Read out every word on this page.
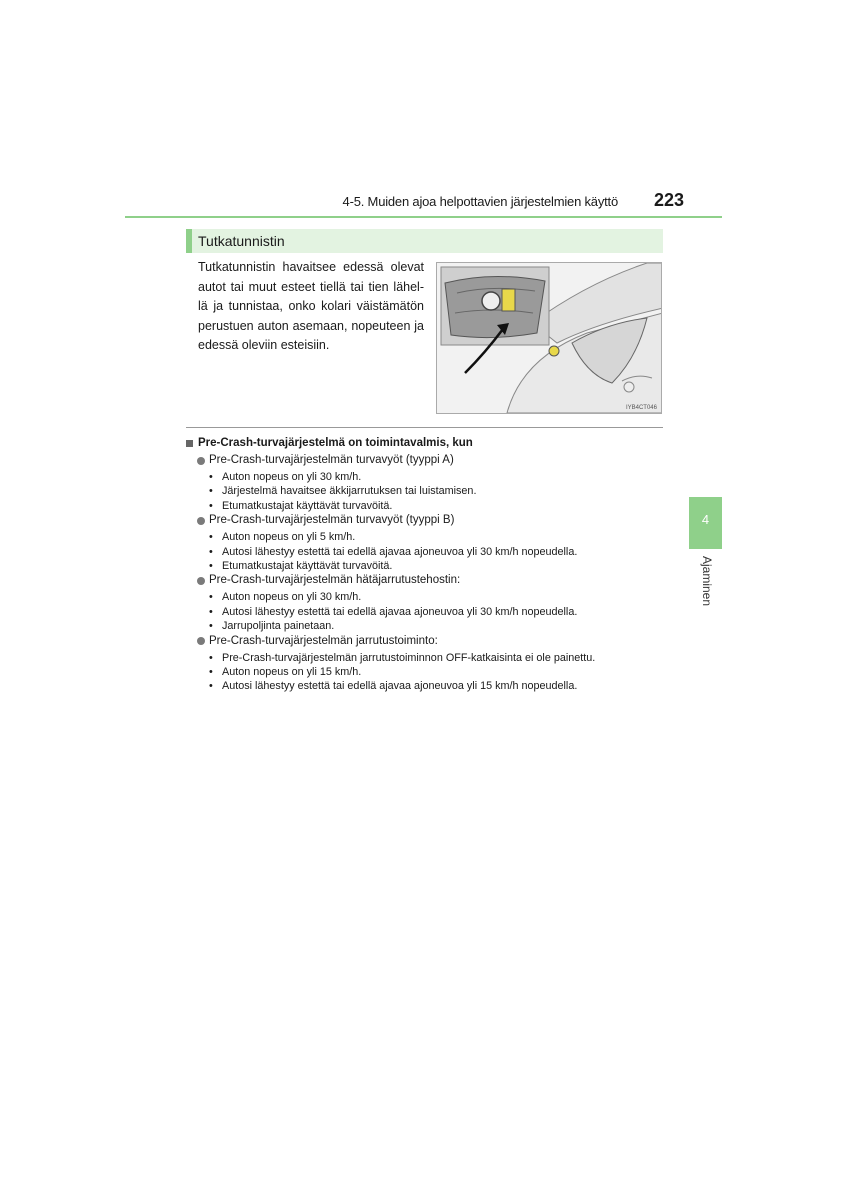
4-5. Muiden ajoa helpottavien järjestelmien käyttö	223
4
Ajaminen
Tutkatunnistin
Tutkatunnistin havaitsee edessä olevat autot tai muut esteet tiellä tai tien lähel- lä ja tunnistaa, onko kolari väistämätön perustuen auton asemaan, nopeuteen ja edessä oleviin esteisiin.
IYB4CT046
Pre-Crash-turvajärjestelmä on toimintavalmis, kun
Pre-Crash-turvajärjestelmän turvavyöt (tyyppi A)
• Auton nopeus on yli 30 km/h.
• Järjestelmä havaitsee äkkijarrutuksen tai luistamisen.
• Etumatkustajat käyttävät turvavöitä.
Pre-Crash-turvajärjestelmän turvavyöt (tyyppi B)
• Auton nopeus on yli 5 km/h.
• Autosi lähestyy estettä tai edellä ajavaa ajoneuvoa yli 30 km/h nopeudella.
• Etumatkustajat käyttävät turvavöitä.
Pre-Crash-turvajärjestelmän hätäjarrutustehostin:
• Auton nopeus on yli 30 km/h.
• Autosi lähestyy estettä tai edellä ajavaa ajoneuvoa yli 30 km/h nopeudella.
• Jarrupoljinta painetaan.
Pre-Crash-turvajärjestelmän jarrutustoiminto:
• Pre-Crash-turvajärjestelmän jarrutustoiminnon OFF-katkaisinta ei ole painettu.
• Auton nopeus on yli 15 km/h.
• Autosi lähestyy estettä tai edellä ajavaa ajoneuvoa yli 15 km/h nopeudella.
